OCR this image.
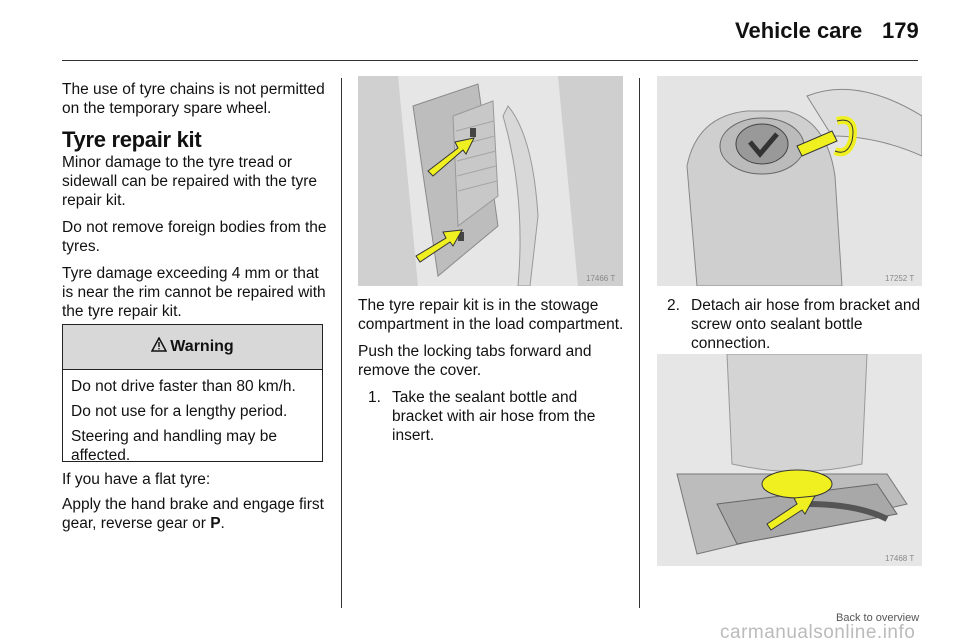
Vehicle care 179

The use of tyre chains is not permitted on the temporary spare wheel.

Tyre repair kit

Minor damage to the tyre tread or sidewall can be repaired with the tyre repair kit.

Do not remove foreign bodies from the tyres.

Tyre damage exceeding 4 mm or that is near the rim cannot be repaired with the tyre repair kit.

Warning

Do not drive faster than 80 km/h.

Do not use for a lengthy period.

Steering and handling may be affected.

If you have a flat tyre:

Apply the hand brake and engage first gear, reverse gear or P.

17466 T

The tyre repair kit is in the stowage compartment in the load compartment.

Push the locking tabs forward and remove the cover.

1. Take the sealant bottle and bracket with air hose from the insert.
17252 T
2. Detach air hose from bracket and screw onto sealant bottle connection.
17468 T
Back to overview
carmanualsonline.info
